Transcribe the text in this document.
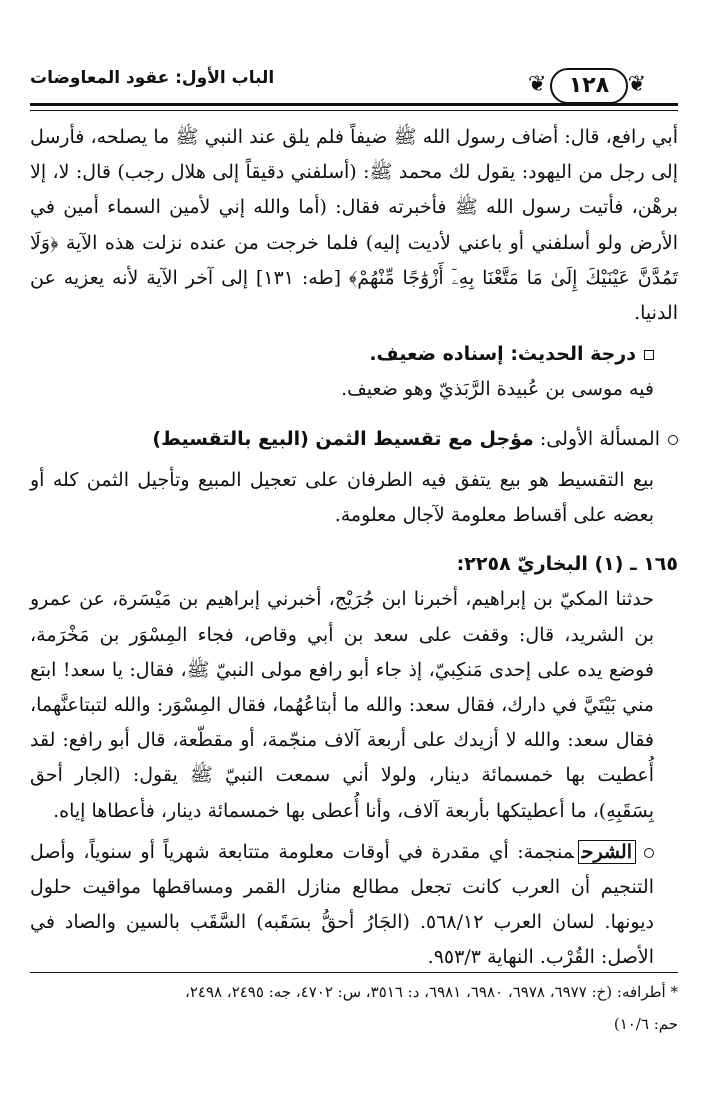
الباب الأول: عقود المعاوضات	❦	١٢٨ ❦

أبي رافع، قال: أضاف رسول الله ﷺ ضيفاً فلم يلق عند النبي ﷺ ما يصلحه، فأرسل إلى رجل من اليهود: يقول لك محمد ﷺ: (أسلفني دقيقاً إلى هلال رجب) قال: لا، إلا برهْن، فأتيت رسول الله ﷺ فأخبرته فقال: (أما والله إني لأمين السماء أمين في الأرض ولو أسلفني أو باعني لأديت إليه) فلما خرجت من عنده نزلت هذه الآية ﴿وَلَا تَمُدَّنَّ عَيْنَيْكَ إِلَىٰ مَا مَتَّعْنَا بِهِۦٓ أَزْوَٰجًا مِّنْهُمْ﴾ [طه: ١٣١] إلى آخر الآية لأنه يعزيه عن الدنيا.

درجة الحديث: إسناده ضعيف.

فيه موسى بن عُبيدة الرَّبَذيّ وهو ضعيف.

المسألة الأولى: مؤجل مع تقسيط الثمن (البيع بالتقسيط)

بيع التقسيط هو بيع يتفق فيه الطرفان على تعجيل المبيع وتأجيل الثمن كله أو بعضه على أقساط معلومة لآجال معلومة.

١٦٥ ـ (١) البخاريّ ٢٢٥٨:

حدثنا المكيّ بن إبراهيم، أخبرنا ابن جُرَيْج، أخبرني إبراهيم بن مَيْسَرة، عن عمرو بن الشريد، قال: وقفت على سعد بن أبي وقاص، فجاء المِسْوَر بن مَخْرَمة، فوضع يده على إحدى مَنكِبيّ، إذ جاء أبو رافع مولى النبيّ ﷺ، فقال: يا سعد! ابتع مني بَيْتَيَّ في دارك، فقال سعد: والله ما أبتاعُهُما، فقال المِسْوَر: والله لتبتاعنَّهما، فقال سعد: والله لا أزيدك على أربعة آلاف منجّمة، أو مقطّعة، قال أبو رافع: لقد أُعطيت بها خمسمائة دينار، ولولا أني سمعت النبيّ ﷺ يقول: (الجار أحق بِسَقَبِهِ)، ما أعطيتكها بأربعة آلاف، وأنا أُعطى بها خمسمائة دينار، فأعطاها إياه.

الشرحمنجمة: أي مقدرة في أوقات معلومة متتابعة شهرياً أو سنوياً، وأصل التنجيم أن العرب كانت تجعل مطالع منازل القمر ومساقطها مواقيت حلول ديونها. لسان العرب ٥٦٨/١٢. (الجَارُ أحقُّ بسَقَبه) السَّقَب بالسين والصاد في الأصل: القُرْب. النهاية ٩٥٣/٣.

* أطرافه: (خ: ٦٩٧٧، ٦٩٧٨، ٦٩٨٠، ٦٩٨١، د: ٣٥١٦، س: ٤٧٠٢، جه: ٢٤٩٥، ٢٤٩٨،
حم: ١٠/٦)
